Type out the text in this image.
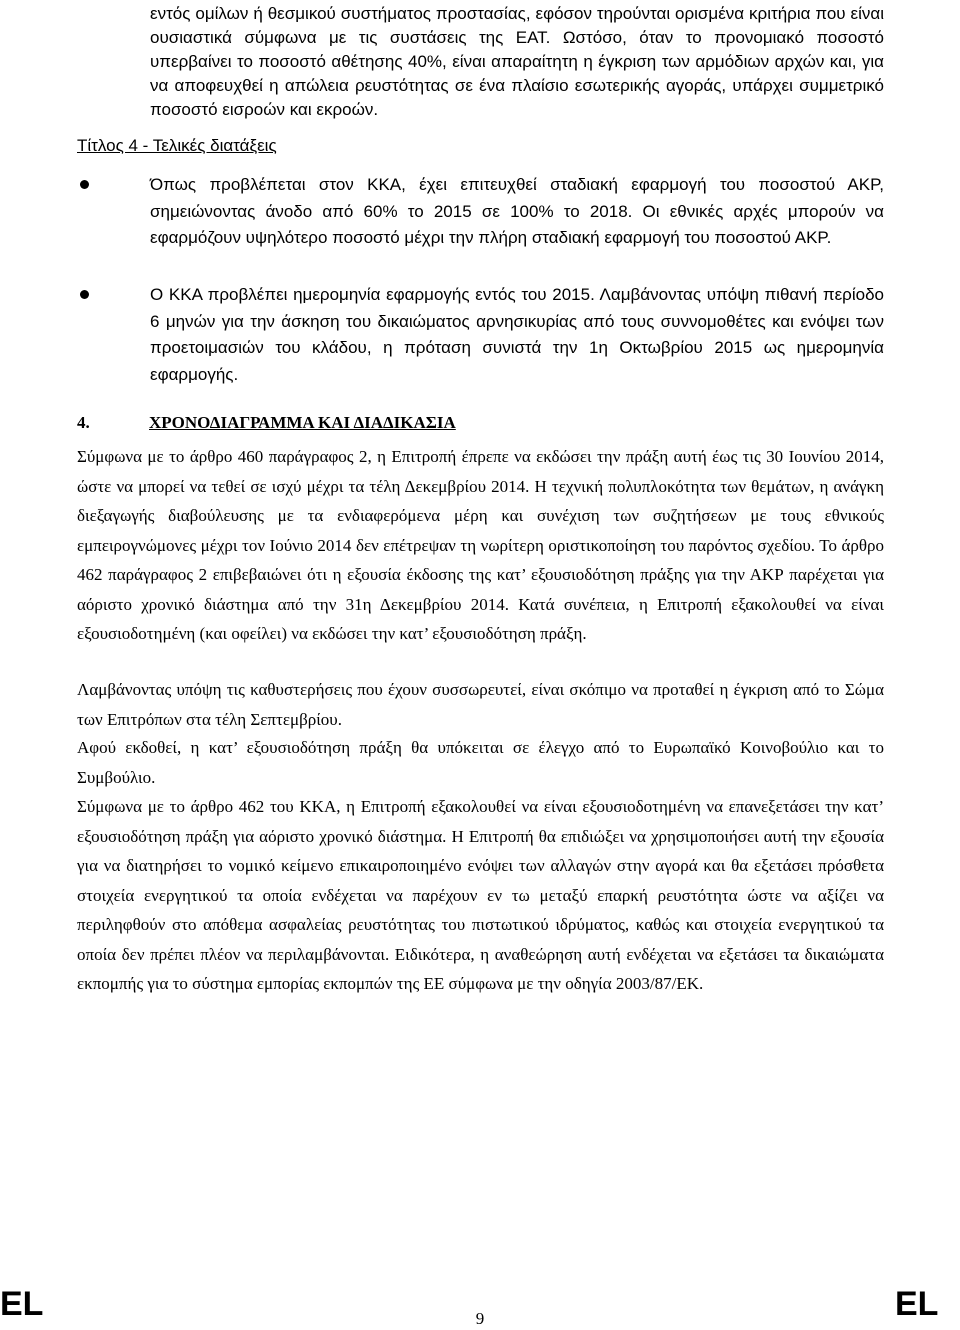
εντός ομίλων ή θεσμικού συστήματος προστασίας, εφόσον τηρούνται ορισμένα κριτήρια που είναι ουσιαστικά σύμφωνα με τις συστάσεις της ΕΑΤ. Ωστόσο, όταν το προνομιακό ποσοστό υπερβαίνει το ποσοστό αθέτησης 40%, είναι απαραίτητη η έγκριση των αρμόδιων αρχών και, για να αποφευχθεί η απώλεια ρευστότητας σε ένα πλαίσιο εσωτερικής αγοράς, υπάρχει συμμετρικό ποσοστό εισροών και εκροών.
Τίτλος 4 - Τελικές διατάξεις
Όπως προβλέπεται στον ΚΚΑ, έχει επιτευχθεί σταδιακή εφαρμογή του ποσοστού ΑΚΡ, σημειώνοντας άνοδο από 60% το 2015 σε 100% το 2018. Οι εθνικές αρχές μπορούν να εφαρμόζουν υψηλότερο ποσοστό μέχρι την πλήρη σταδιακή εφαρμογή του ποσοστού ΑΚΡ.
Ο ΚΚΑ προβλέπει ημερομηνία εφαρμογής εντός του 2015. Λαμβάνοντας υπόψη πιθανή περίοδο 6 μηνών για την άσκηση του δικαιώματος αρνησικυρίας από τους συννομοθέτες και ενόψει των προετοιμασιών του κλάδου, η πρόταση συνιστά την 1η Οκτωβρίου 2015 ως ημερομηνία εφαρμογής.
4.	ΧΡΟΝΟΔΙΑΓΡΑΜΜΑ ΚΑΙ ΔΙΑΔΙΚΑΣΙΑ
Σύμφωνα με το άρθρο 460 παράγραφος 2, η Επιτροπή έπρεπε να εκδώσει την πράξη αυτή έως τις 30 Ιουνίου 2014, ώστε να μπορεί να τεθεί σε ισχύ μέχρι τα τέλη Δεκεμβρίου 2014. Η τεχνική πολυπλοκότητα των θεμάτων, η ανάγκη διεξαγωγής διαβούλευσης με τα ενδιαφερόμενα μέρη και συνέχιση των συζητήσεων με τους εθνικούς εμπειρογνώμονες μέχρι τον Ιούνιο 2014 δεν επέτρεψαν τη νωρίτερη οριστικοποίηση του παρόντος σχεδίου. Το άρθρο 462 παράγραφος 2 επιβεβαιώνει ότι η εξουσία έκδοσης της κατ’ εξουσιοδότηση πράξης για την ΑΚΡ παρέχεται για αόριστο χρονικό διάστημα από την 31η Δεκεμβρίου 2014. Κατά συνέπεια, η Επιτροπή εξακολουθεί να είναι εξουσιοδοτημένη (και οφείλει) να εκδώσει την κατ’ εξουσιοδότηση πράξη.
Λαμβάνοντας υπόψη τις καθυστερήσεις που έχουν συσσωρευτεί, είναι σκόπιμο να προταθεί η έγκριση από το Σώμα των Επιτρόπων στα τέλη Σεπτεμβρίου.
Αφού εκδοθεί, η κατ’ εξουσιοδότηση πράξη θα υπόκειται σε έλεγχο από το Ευρωπαϊκό Κοινοβούλιο και το Συμβούλιο.
Σύμφωνα με το άρθρο 462 του ΚΚΑ, η Επιτροπή εξακολουθεί να είναι εξουσιοδοτημένη να επανεξετάσει την κατ’ εξουσιοδότηση πράξη για αόριστο χρονικό διάστημα. Η Επιτροπή θα επιδιώξει να χρησιμοποιήσει αυτή την εξουσία για να διατηρήσει το νομικό κείμενο επικαιροποιημένο ενόψει των αλλαγών στην αγορά και θα εξετάσει πρόσθετα στοιχεία ενεργητικού τα οποία ενδέχεται να παρέχουν εν τω μεταξύ επαρκή ρευστότητα ώστε να αξίζει να περιληφθούν στο απόθεμα ασφαλείας ρευστότητας του πιστωτικού ιδρύματος, καθώς και στοιχεία ενεργητικού τα οποία δεν πρέπει πλέον να περιλαμβάνονται. Ειδικότερα, η αναθεώρηση αυτή ενδέχεται να εξετάσει τα δικαιώματα εκπομπής για το σύστημα εμπορίας εκπομπών της ΕΕ σύμφωνα με την οδηγία 2003/87/ΕΚ.
EL	9	EL
